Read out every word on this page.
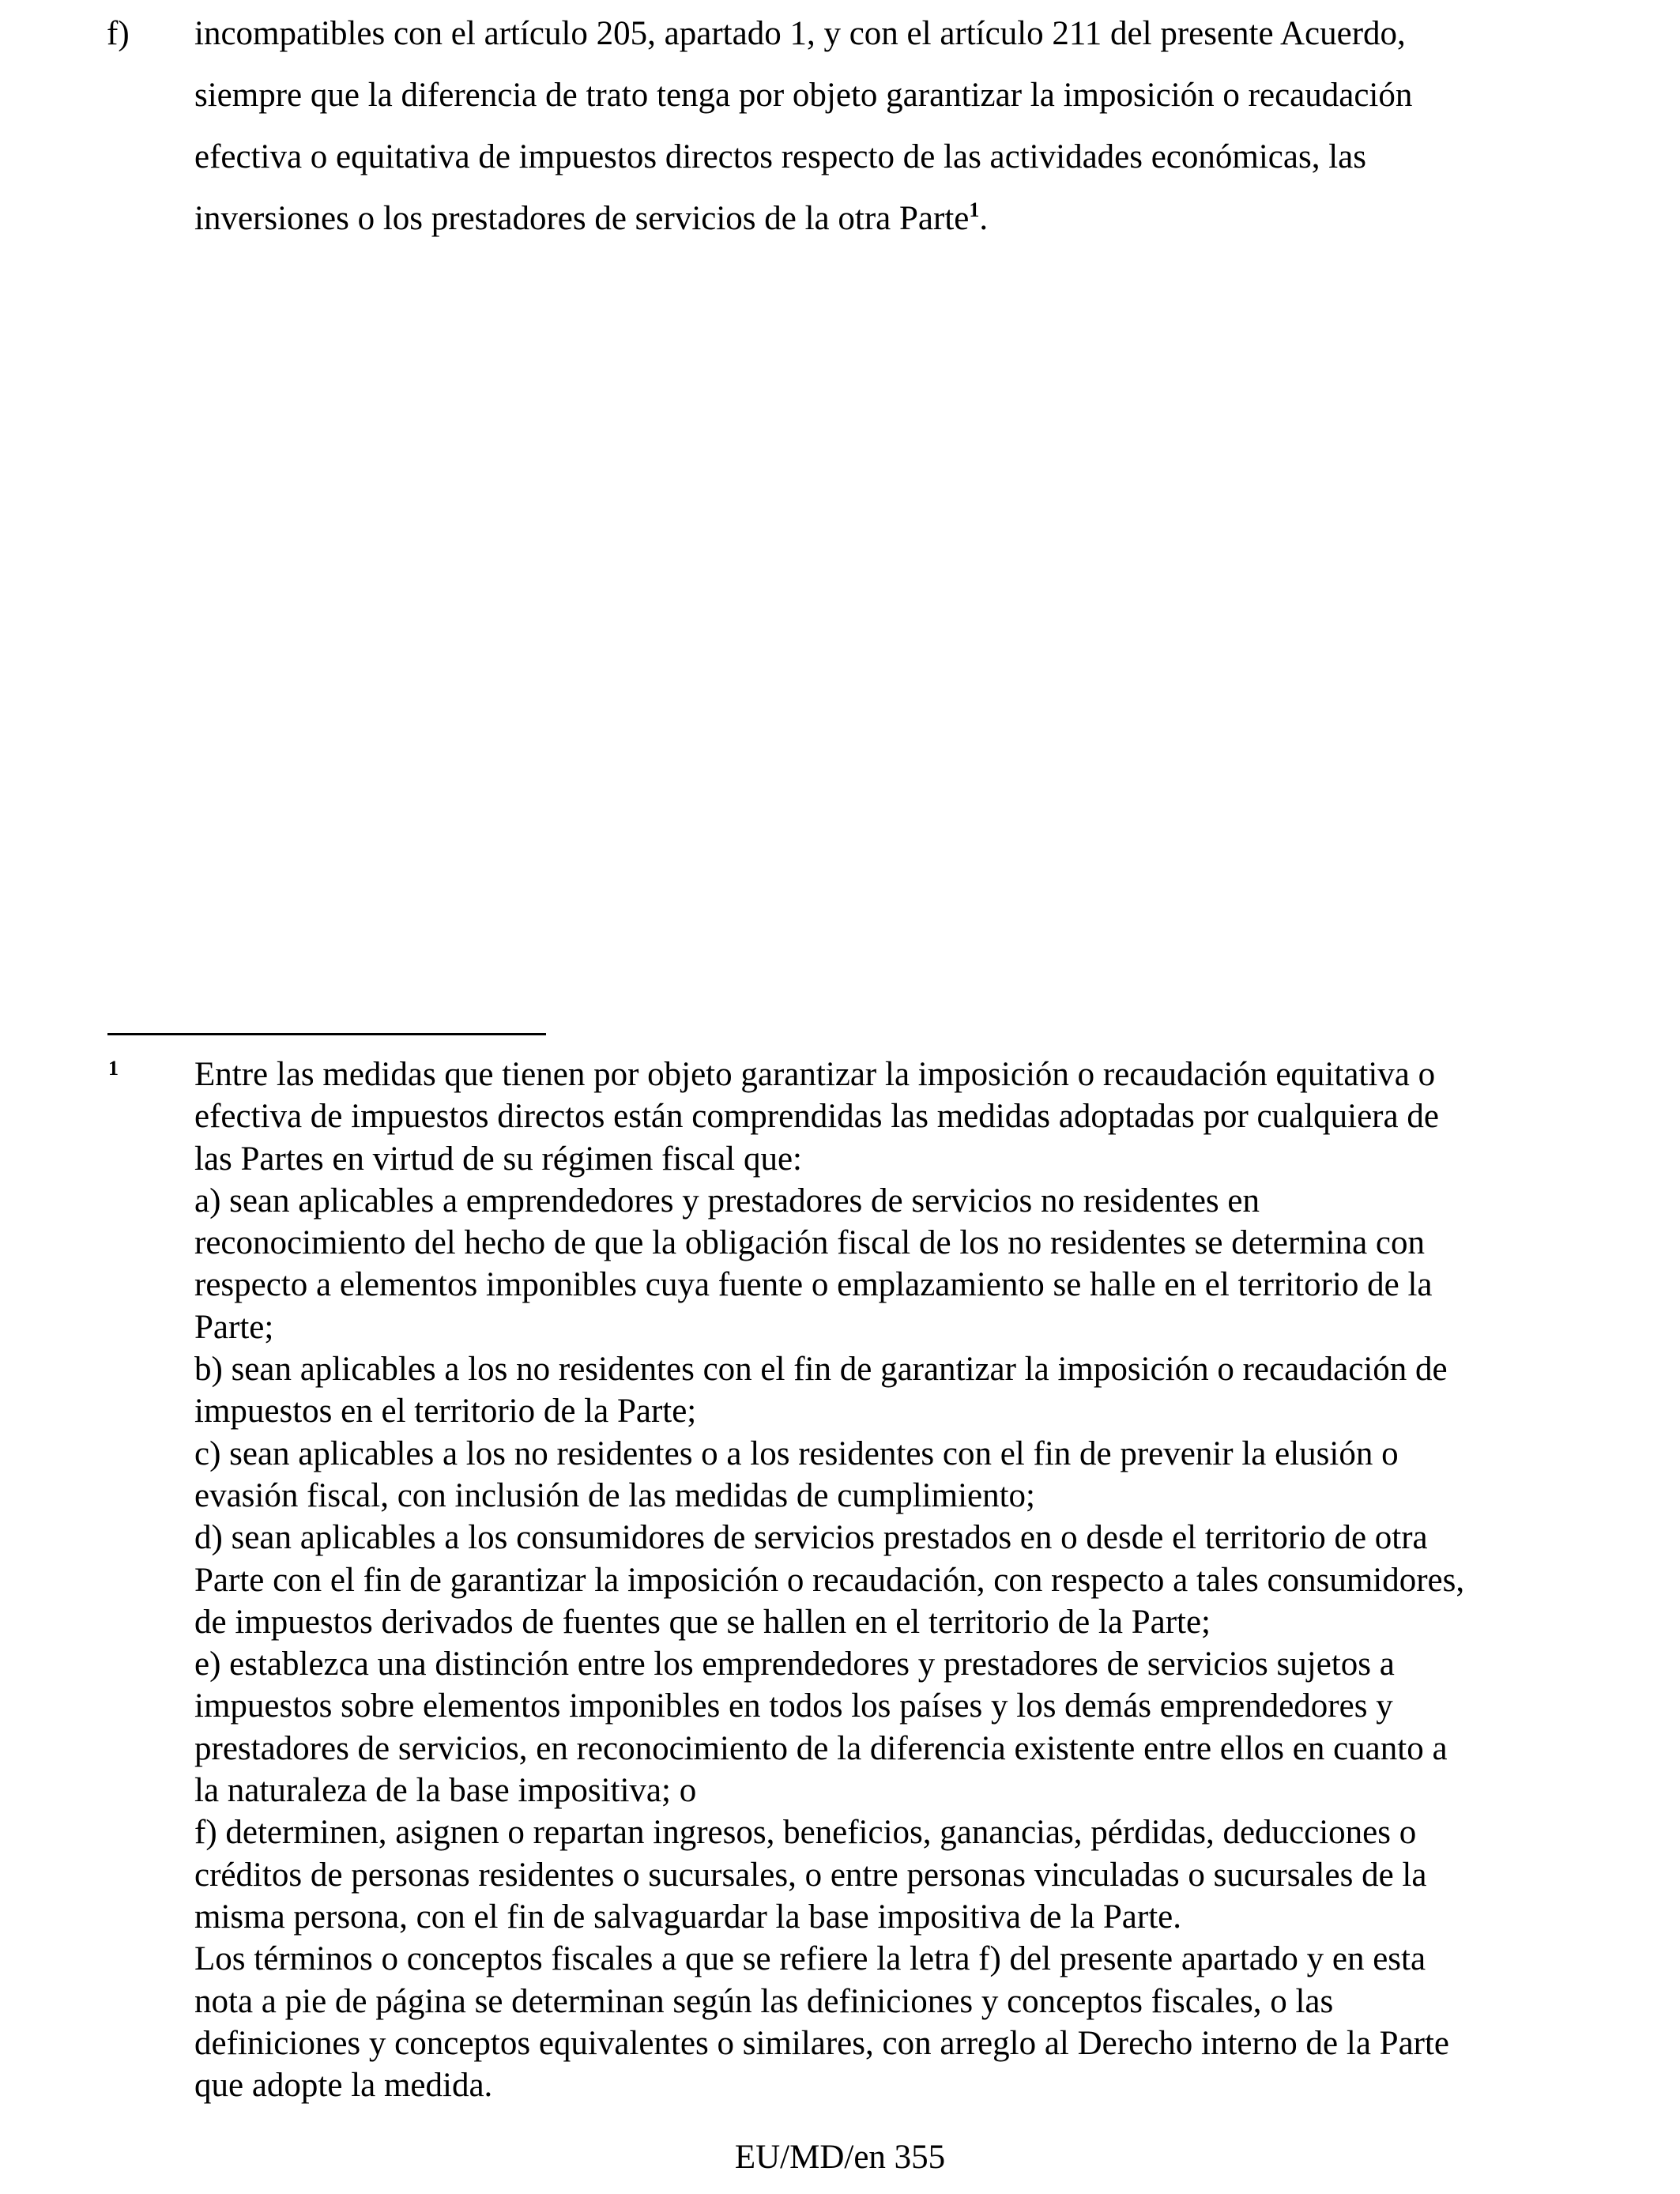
f) incompatibles con el artículo 205, apartado 1, y con el artículo 211 del presente Acuerdo,
siempre que la diferencia de trato tenga por objeto garantizar la imposición o recaudación
efectiva o equitativa de impuestos directos respecto de las actividades económicas, las
inversiones o los prestadores de servicios de la otra Parte$^1$.
1 Entre las medidas que tienen por objeto garantizar la imposición o recaudación equitativa o
efectiva de impuestos directos están comprendidas las medidas adoptadas por cualquiera de
las Partes en virtud de su régimen fiscal que:
a) sean aplicables a emprendedores y prestadores de servicios no residentes en
reconocimiento del hecho de que la obligación fiscal de los no residentes se determina con
respecto a elementos imponibles cuya fuente o emplazamiento se halle en el territorio de la
Parte;
b) sean aplicables a los no residentes con el fin de garantizar la imposición o recaudación de
impuestos en el territorio de la Parte;
c) sean aplicables a los no residentes o a los residentes con el fin de prevenir la elusión o
evasión fiscal, con inclusión de las medidas de cumplimiento;
d) sean aplicables a los consumidores de servicios prestados en o desde el territorio de otra
Parte con el fin de garantizar la imposición o recaudación, con respecto a tales consumidores,
de impuestos derivados de fuentes que se hallen en el territorio de la Parte;
e) establezca una distinción entre los emprendedores y prestadores de servicios sujetos a
impuestos sobre elementos imponibles en todos los países y los demás emprendedores y
prestadores de servicios, en reconocimiento de la diferencia existente entre ellos en cuanto a
la naturaleza de la base impositiva; o
f) determinen, asignen o repartan ingresos, beneficios, ganancias, pérdidas, deducciones o
créditos de personas residentes o sucursales, o entre personas vinculadas o sucursales de la
misma persona, con el fin de salvaguardar la base impositiva de la Parte.
Los términos o conceptos fiscales a que se refiere la letra f) del presente apartado y en esta
nota a pie de página se determinan según las definiciones y conceptos fiscales, o las
definiciones y conceptos equivalentes o similares, con arreglo al Derecho interno de la Parte
que adopte la medida.
EU/MD/en 355
